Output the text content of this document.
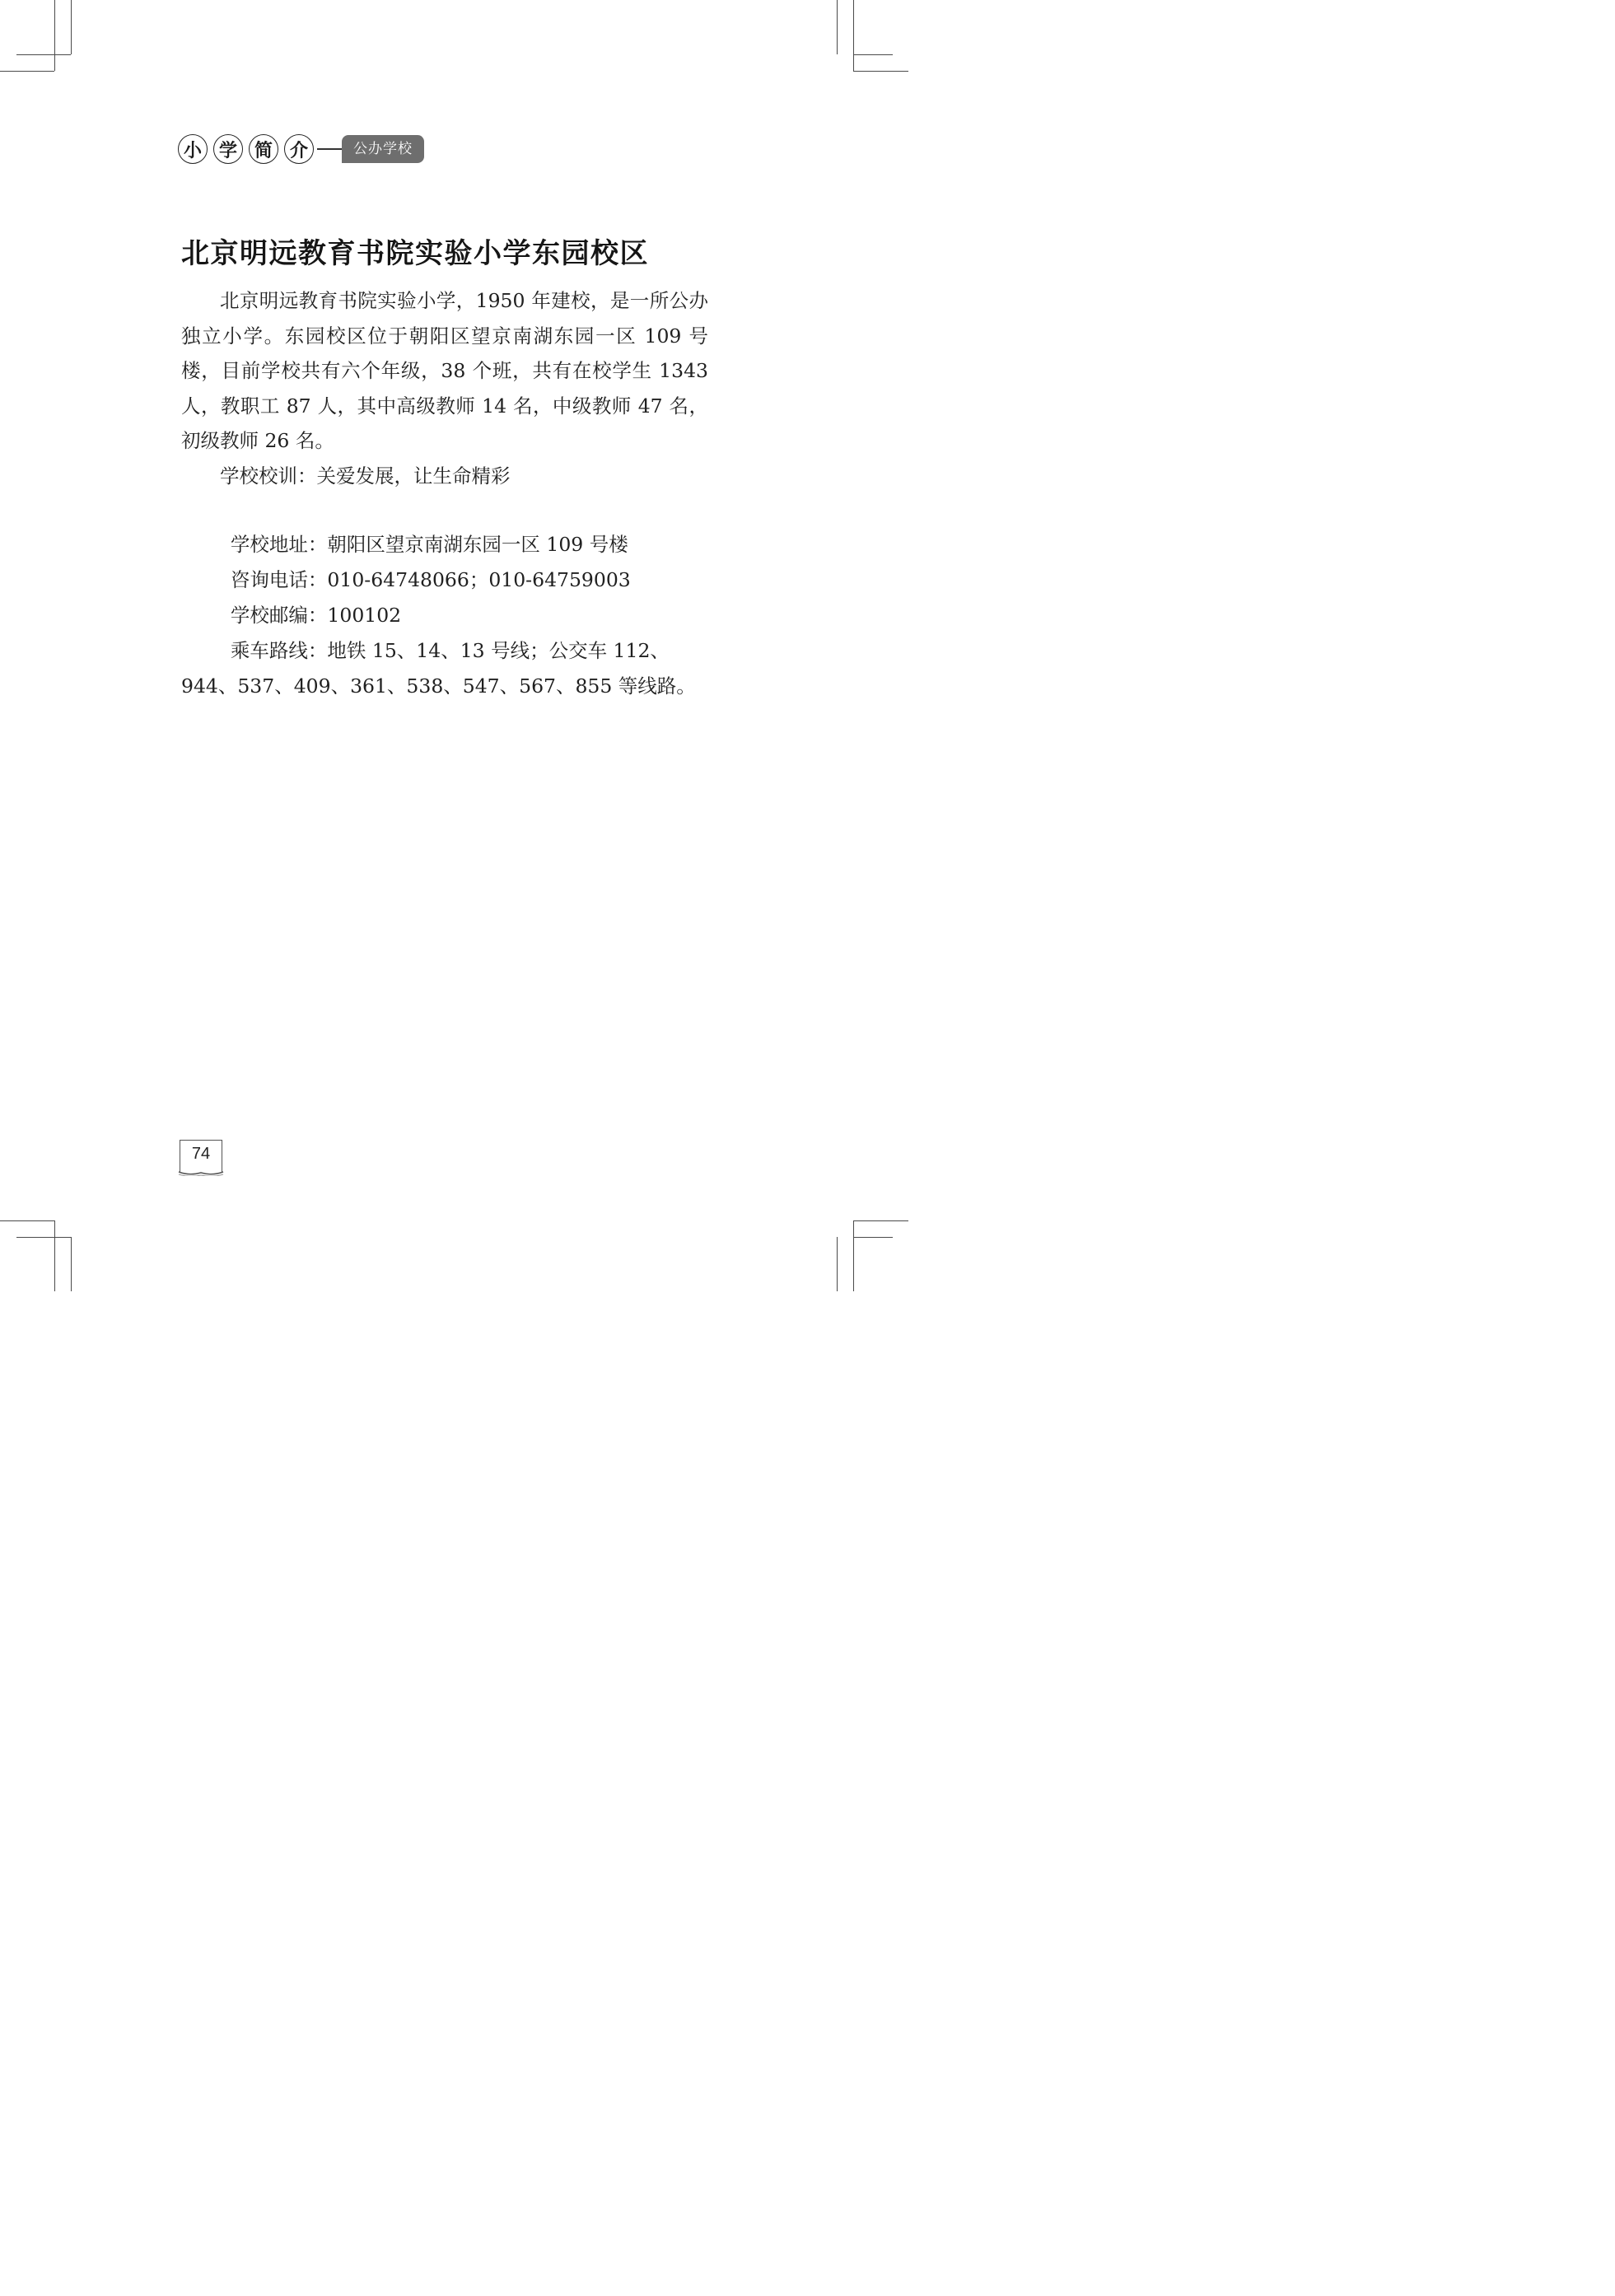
小 学 简 介	公办学校
北京明远教育书院实验小学东园校区

北京明远教育书院实验小学，1950 年建校，是一所公办独立小学。东园校区位于朝阳区望京南湖东园一区 109 号楼，目前学校共有六个年级，38 个班，共有在校学生 1343 人，教职工 87 人，其中高级教师 14 名，中级教师 47 名，初级教师 26 名。

学校校训：关爱发展，让生命精彩

学校地址：朝阳区望京南湖东园一区 109 号楼

咨询电话：010-64748066；010-64759003

学校邮编：100102

乘车路线：地铁 15、14、13 号线；公交车 112、944、537、409、361、538、547、567、855 等线路。

74
